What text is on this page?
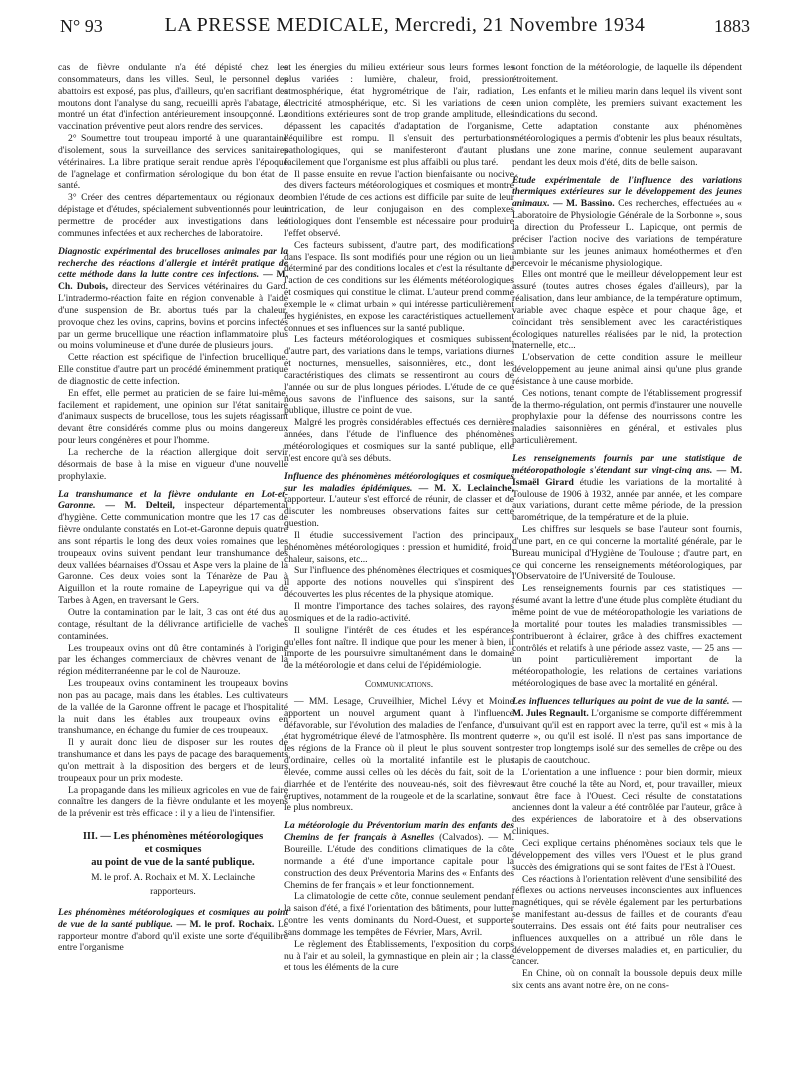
N° 93	LA PRESSE MEDICALE, Mercredi, 21 Novembre 1934	1883

cas de fièvre ondulante n'a été dépisté chez les consommateurs, dans les villes. Seul, le personnel des abattoirs est exposé, pas plus, d'ailleurs, qu'en sacrifiant des moutons dont l'analyse du sang, recueilli après l'abatage, a montré un état d'infection antérieurement insoupçonné. La vaccination préventive peut alors rendre des services.

2° Soumettre tout troupeau importé à une quarantaine d'isolement, sous la surveillance des services sanitaires vétérinaires. La libre pratique serait rendue après l'époque de l'agnelage et confirmation sérologique du bon état de santé.

3° Créer des centres départementaux ou régionaux de dépistage et d'études, spécialement subventionnés pour leur permettre de procéder aux investigations dans les communes infectées et aux recherches de laboratoire.

Diagnostic expérimental des brucelloses animales par la recherche des réactions d'allergie et intérêt pratique de cette méthode dans la lutte contre ces infections. — M. Ch. Dubois, directeur des Services vétérinaires du Gard. L'intradermo-réaction faite en région convenable à l'aide d'une suspension de Br. abortus tués par la chaleur, provoque chez les ovins, caprins, bovins et porcins infectés par un germe brucellique une réaction inflammatoire plus ou moins volumineuse et d'une durée de plusieurs jours.

Cette réaction est spécifique de l'infection brucellique. Elle constitue d'autre part un procédé éminemment pratique de diagnostic de cette infection.

En effet, elle permet au praticien de se faire lui-même, facilement et rapidement, une opinion sur l'état sanitaire d'animaux suspects de brucellose, tous les sujets réagissant devant être considérés comme plus ou moins dangereux pour leurs congénères et pour l'homme.

La recherche de la réaction allergique doit servir désormais de base à la mise en vigueur d'une nouvelle prophylaxie.

La transhumance et la fièvre ondulante en Lot-et-Garonne. — M. Delteil, inspecteur départemental d'hygiène. Cette communication montre que les 17 cas de fièvre ondulante constatés en Lot-et-Garonne depuis quatre ans sont répartis le long des deux voies romaines que les troupeaux ovins suivent pendant leur transhumance des deux vallées béarnaises d'Ossau et Aspe vers la plaine de la Garonne. Ces deux voies sont la Ténarèze de Pau à Aiguillon et la route romaine de Lapeyrigue qui va de Tarbes à Agen, en traversant le Gers.

Outre la contamination par le lait, 3 cas ont été dus au contage, résultant de la délivrance artificielle de vaches contaminées.

Les troupeaux ovins ont dû être contaminés à l'origine par les échanges commerciaux de chèvres venant de la région méditerranéenne par le col de Naurouze.

Les troupeaux ovins contaminent les troupeaux bovins non pas au pacage, mais dans les étables. Les cultivateurs de la vallée de la Garonne offrent le pacage et l'hospitalité la nuit dans les étables aux troupeaux ovins en transhumance, en échange du fumier de ces troupeaux.

Il y aurait donc lieu de disposer sur les routes de transhumance et dans les pays de pacage des baraquements qu'on mettrait à la disposition des bergers et de leurs troupeaux pour un prix modeste.

La propagande dans les milieux agricoles en vue de faire connaître les dangers de la fièvre ondulante et les moyens de la prévenir est très efficace : il y a lieu de l'intensifier.

III. — Les phénomènes météorologiques
et cosmiques
au point de vue de la santé publique.
M. le prof. A. Rochaix et M. X. Leclainche
rapporteurs.

Les phénomènes météorologiques et cosmiques au point de vue de la santé publique. — M. le prof. Rochaix. Le rapporteur montre d'abord qu'il existe une sorte d'équilibre entre l'organisme

et les énergies du milieu extérieur sous leurs formes les plus variées : lumière, chaleur, froid, pression atmosphérique, état hygrométrique de l'air, radiation, électricité atmosphérique, etc. Si les variations de ces conditions extérieures sont de trop grande amplitude, elles dépassent les capacités d'adaptation de l'organisme, l'équilibre est rompu. Il s'ensuit des perturbations pathologiques, qui se manifesteront d'autant plus facilement que l'organisme est plus affaibli ou plus taré.

Il passe ensuite en revue l'action bienfaisante ou nocive des divers facteurs météorologiques et cosmiques et montre combien l'étude de ces actions est difficile par suite de leur intrication, de leur conjugaison en des complexes étiologiques dont l'ensemble est nécessaire pour produire l'effet observé.

Ces facteurs subissent, d'autre part, des modifications dans l'espace. Ils sont modifiés pour une région ou un lieu déterminé par des conditions locales et c'est la résultante de l'action de ces conditions sur les éléments météorologiques et cosmiques qui constitue le climat. L'auteur prend comme exemple le « climat urbain » qui intéresse particulièrement les hygiénistes, en expose les caractéristiques actuellement connues et ses influences sur la santé publique.

Les facteurs météorologiques et cosmiques subissent, d'autre part, des variations dans le temps, variations diurnes et nocturnes, mensuelles, saisonnières, etc., dont les caractéristiques des climats se ressentiront au cours de l'année ou sur de plus longues périodes. L'étude de ce que nous savons de l'influence des saisons, sur la santé publique, illustre ce point de vue.

Malgré les progrès considérables effectués ces dernières années, dans l'étude de l'influence des phénomènes météorologiques et cosmiques sur la santé publique, elle n'est encore qu'à ses débuts.

Influence des phénomènes météorologiques et cosmiques sur les maladies épidémiques. — M. X. Leclainche, rapporteur. L'auteur s'est efforcé de réunir, de classer et de discuter les nombreuses observations faites sur cette question.

Il étudie successivement l'action des principaux phénomènes météorologiques : pression et humidité, froid, chaleur, saisons, etc...

Sur l'influence des phénomènes électriques et cosmiques, il apporte des notions nouvelles qui s'inspirent des découvertes les plus récentes de la physique atomique.

Il montre l'importance des taches solaires, des rayons cosmiques et de la radio-activité.

Il souligne l'intérêt de ces études et les espérances qu'elles font naître. Il indique que pour les mener à bien, il importe de les poursuivre simultanément dans le domaine de la météorologie et dans celui de l'épidémiologie.

Communications.

— MM. Lesage, Cruveilhier, Michel Lévy et Moine apportent un nouvel argument quant à l'influence défavorable, sur l'évolution des maladies de l'enfance, d'un état hygrométrique élevé de l'atmosphère. Ils montrent que les régions de la France où il pleut le plus souvent sont, d'ordinaire, celles où la mortalité infantile est le plus élevée, comme aussi celles où les décès du fait, soit de la diarrhée et de l'entérite des nouveau-nés, soit des fièvres éruptives, notamment de la rougeole et de la scarlatine, sont le plus nombreux.

La météorologie du Préventorium marin des enfants des Chemins de fer français à Asnelles (Calvados). — M. Boureille. L'étude des conditions climatiques de la côte normande a été d'une importance capitale pour la construction des deux Préventoria Marins des « Enfants des Chemins de fer français » et leur fonctionnement.

La climatologie de cette côte, connue seulement pendant la saison d'été, a fixé l'orientation des bâtiments, pour lutter contre les vents dominants du Nord-Ouest, et supporter sans dommage les tempêtes de Février, Mars, Avril.

Le règlement des Établissements, l'exposition du corps nu à l'air et au soleil, la gymnastique en plein air ; la classe et tous les éléments de la cure

sont fonction de la météorologie, de laquelle ils dépendent étroitement.

Les enfants et le milieu marin dans lequel ils vivent sont en union complète, les premiers suivant exactement les indications du second.

Cette adaptation constante aux phénomènes météorologiques a permis d'obtenir les plus beaux résultats, dans une zone marine, connue seulement auparavant pendant les deux mois d'été, dits de belle saison.

Étude expérimentale de l'influence des variations thermiques extérieures sur le développement des jeunes animaux. — M. Bassino. Ces recherches, effectuées au « Laboratoire de Physiologie Générale de la Sorbonne », sous la direction du Professeur L. Lapicque, ont permis de préciser l'action nocive des variations de température ambiante sur les jeunes animaux homéothermes et d'en percevoir le mécanisme physiologique.

Elles ont montré que le meilleur développement leur est assuré (toutes autres choses égales d'ailleurs), par la réalisation, dans leur ambiance, de la température optimum, variable avec chaque espèce et pour chaque âge, et coïncidant très sensiblement avec les caractéristiques écologiques naturelles réalisées par le nid, la protection maternelle, etc...

L'observation de cette condition assure le meilleur développement au jeune animal ainsi qu'une plus grande résistance à une cause morbide.

Ces notions, tenant compte de l'établissement progressif de la thermo-régulation, ont permis d'instaurer une nouvelle prophylaxie pour la défense des nourrissons contre les maladies saisonnières en général, et estivales plus particulièrement.

Les renseignements fournis par une statistique de météoropathologie s'étendant sur vingt-cinq ans. — M. Ismaël Girard étudie les variations de la mortalité à Toulouse de 1906 à 1932, année par année, et les compare aux variations, durant cette même période, de la pression barométrique, de la température et de la pluie.

Les chiffres sur lesquels se base l'auteur sont fournis, d'une part, en ce qui concerne la mortalité générale, par le Bureau municipal d'Hygiène de Toulouse ; d'autre part, en ce qui concerne les renseignements météorologiques, par l'Observatoire de l'Université de Toulouse.

Les renseignements fournis par ces statistiques — résumé avant la lettre d'une étude plus complète étudiant du même point de vue de météoropathologie les variations de la mortalité pour toutes les maladies transmissibles — contribueront à éclairer, grâce à des chiffres exactement contrôlés et relatifs à une période assez vaste, — 25 ans — un point particulièrement important de la météoropathologie, les relations de certaines variations météorologiques de base avec la mortalité en général.

Les influences telluriques au point de vue de la santé. — M. Jules Regnault. L'organisme se comporte différemment suivant qu'il est en rapport avec la terre, qu'il est « mis à la terre », ou qu'il est isolé. Il n'est pas sans importance de rester trop longtemps isolé sur des semelles de crêpe ou des tapis de caoutchouc.

L'orientation a une influence : pour bien dormir, mieux vaut être couché la tête au Nord, et, pour travailler, mieux vaut être face à l'Ouest. Ceci résulte de constatations anciennes dont la valeur a été contrôlée par l'auteur, grâce à des expériences de laboratoire et à des observations cliniques.

Ceci explique certains phénomènes sociaux tels que le développement des villes vers l'Ouest et le plus grand succès des émigrations qui se sont faites de l'Est à l'Ouest.

Ces réactions à l'orientation relèvent d'une sensibilité des réflexes ou actions nerveuses inconscientes aux influences magnétiques, qui se révèle également par les perturbations se manifestant au-dessus de failles et de courants d'eau souterrains. Des essais ont été faits pour neutraliser ces influences auxquelles on a attribué un rôle dans le développement de diverses maladies et, en particulier, du cancer.

En Chine, où on connaît la boussole depuis deux mille six cents ans avant notre ère, on ne cons-
